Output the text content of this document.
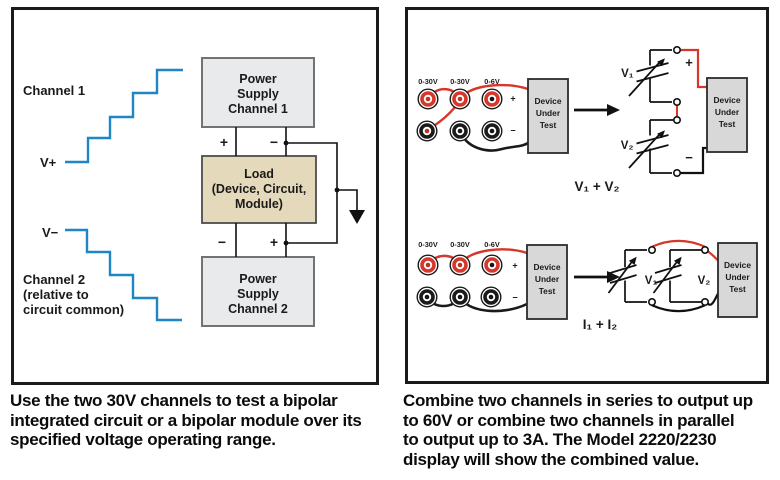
Channel 1
V+
V−
Channel 2
(relative to
circuit common)
Power
Supply
Channel 1
Load
(Device, Circuit,
Module)
Power
Supply
Channel 2
+	−
−	+
0-30V 0-30V 0-6V
+
−
Device
Under
Test
V₁
V₂
+
−
Device
Under
Test
V₁ + V₂
0-30V 0-30V 0-6V
+
−
Device
Under
Test
V₁	V₂
Device
Under
Test
I₁ + I₂
Use the two 30V channels to test a bipolar
integrated circuit or a bipolar module over its
specified voltage operating range.
Combine two channels in series to output up
to 60V or combine two channels in parallel
to output up to 3A. The Model 2220/2230
display will show the combined value.
